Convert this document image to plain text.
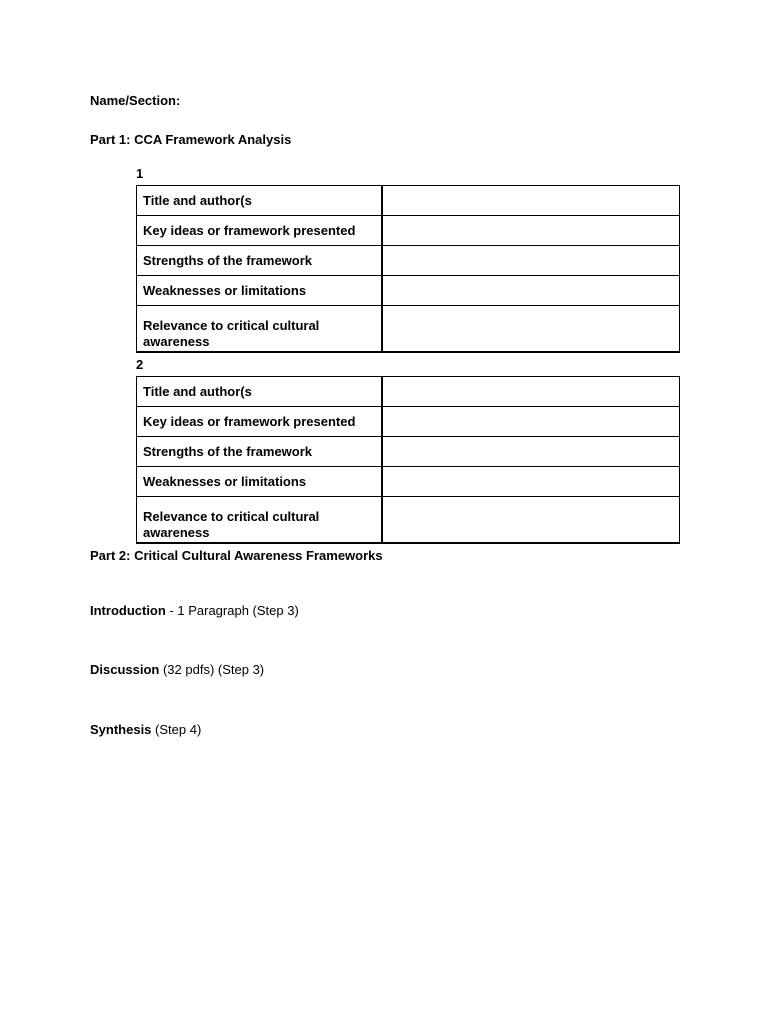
Name/Section:
Part 1: CCA Framework Analysis
1
Title and author(s	
Key ideas or framework presented	
Strengths of the framework	
Weaknesses or limitations	
Relevance to critical cultural awareness	
2
Title and author(s	
Key ideas or framework presented	
Strengths of the framework	
Weaknesses or limitations	
Relevance to critical cultural awareness	
Part 2: Critical Cultural Awareness Frameworks
Introduction - 1 Paragraph (Step 3)
Discussion (32 pdfs) (Step 3)
Synthesis (Step 4)
